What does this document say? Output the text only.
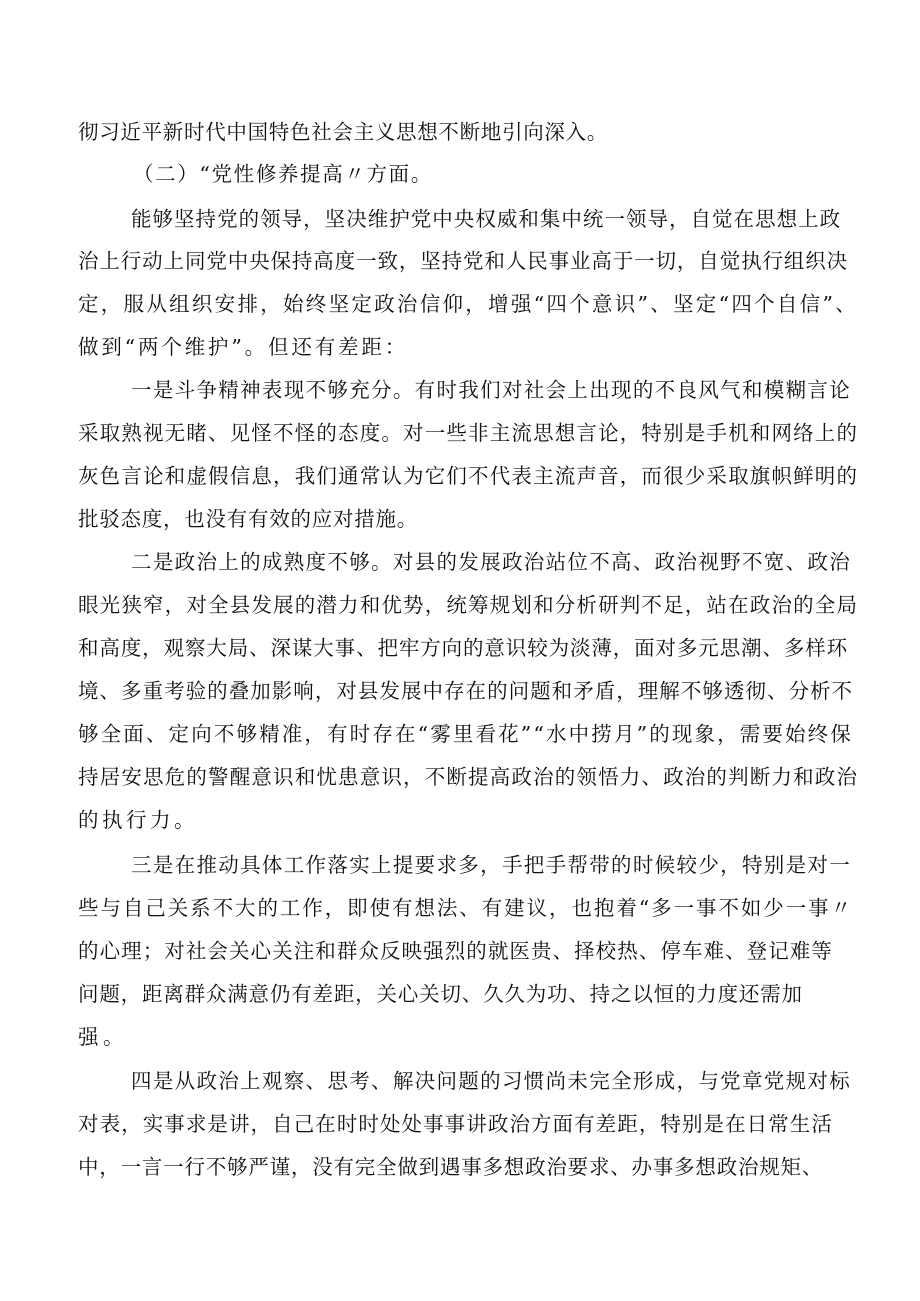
彻习近平新时代中国特色社会主义思想不断地引向深入。
（二）“党性修养提高〃方面。
能够坚持党的领导，坚决维护党中央权威和集中统一领导，自觉在思想上政
治上行动上同党中央保持高度一致，坚持党和人民事业高于一切，自觉执行组织决
定，服从组织安排，始终坚定政治信仰，增强“四个意识”、坚定“四个自信”、
做到“两个维护”。但还有差距：
一是斗争精神表现不够充分。有时我们对社会上出现的不良风气和模糊言论
采取熟视无睹、见怪不怪的态度。对一些非主流思想言论，特别是手机和网络上的
灰色言论和虚假信息，我们通常认为它们不代表主流声音，而很少采取旗帜鲜明的
批驳态度，也没有有效的应对措施。
二是政治上的成熟度不够。对县的发展政治站位不高、政治视野不宽、政治
眼光狭窄，对全县发展的潜力和优势，统筹规划和分析研判不足，站在政治的全局
和高度，观察大局、深谋大事、把牢方向的意识较为淡薄，面对多元思潮、多样环
境、多重考验的叠加影响，对县发展中存在的问题和矛盾，理解不够透彻、分析不
够全面、定向不够精准，有时存在“雾里看花”“水中捞月”的现象，需要始终保
持居安思危的警醒意识和忧患意识，不断提高政治的领悟力、政治的判断力和政治
的执行力。
三是在推动具体工作落实上提要求多，手把手帮带的时候较少，特别是对一
些与自己关系不大的工作，即使有想法、有建议，也抱着“多一事不如少一事〃
的心理；对社会关心关注和群众反映强烈的就医贵、择校热、停车难、登记难等
问题，距离群众满意仍有差距，关心关切、久久为功、持之以恒的力度还需加
强。
四是从政治上观察、思考、解决问题的习惯尚未完全形成，与党章党规对标
对表，实事求是讲，自己在时时处处事事讲政治方面有差距，特别是在日常生活
中，一言一行不够严谨，没有完全做到遇事多想政治要求、办事多想政治规矩、
